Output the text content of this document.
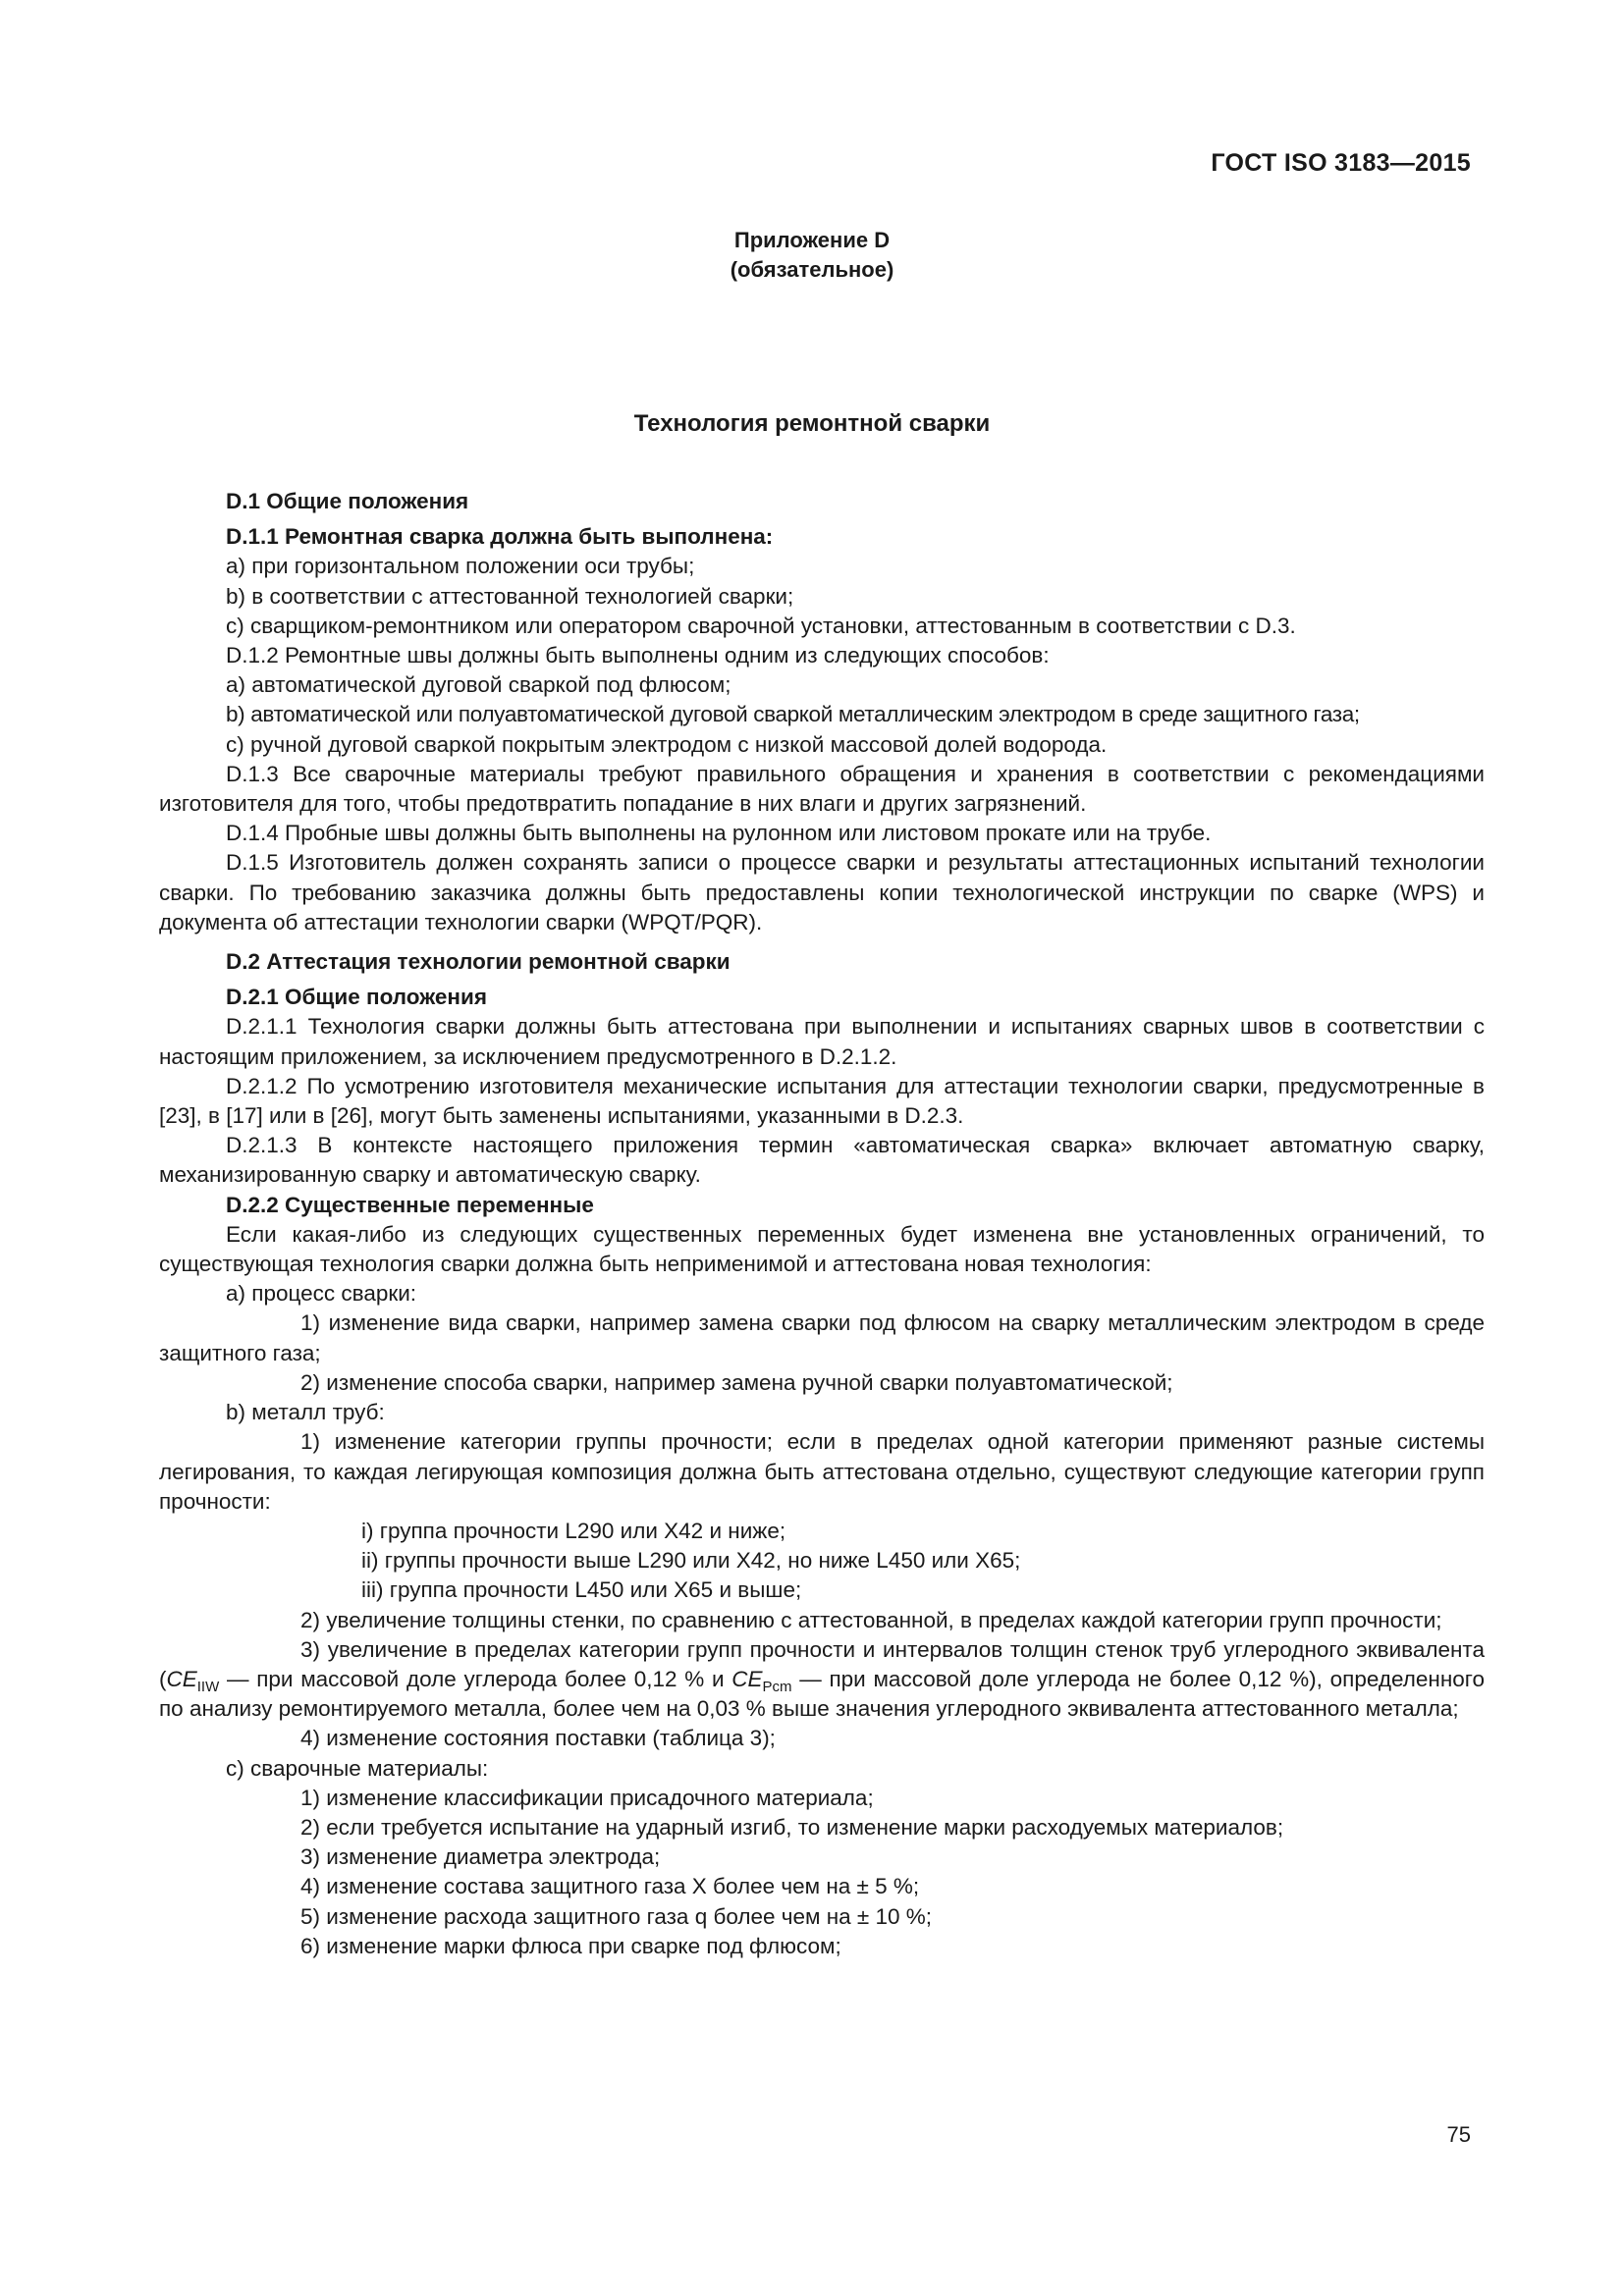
ГОСТ ISO 3183—2015
Приложение D
(обязательное)
Технология ремонтной сварки

D.1 Общие положения

D.1.1 Ремонтная сварка должна быть выполнена:

а) при горизонтальном положении оси трубы;

b) в соответствии с аттестованной технологией сварки;

с) сварщиком-ремонтником или оператором сварочной установки, аттестованным в соответствии с D.3.

D.1.2 Ремонтные швы должны быть выполнены одним из следующих способов:

а) автоматической дуговой сваркой под флюсом;

b) автоматической или полуавтоматической дуговой сваркой металлическим электродом в среде защитного газа;

с) ручной дуговой сваркой покрытым электродом с низкой массовой долей водорода.

D.1.3 Все сварочные материалы требуют правильного обращения и хранения в соответствии с рекомендациями изготовителя для того, чтобы предотвратить попадание в них влаги и других загрязнений.

D.1.4 Пробные швы должны быть выполнены на рулонном или листовом прокате или на трубе.

D.1.5 Изготовитель должен сохранять записи о процессе сварки и результаты аттестационных испытаний технологии сварки. По требованию заказчика должны быть предоставлены копии технологической инструкции по сварке (WPS) и документа об аттестации технологии сварки (WPQT/PQR).

D.2 Аттестация технологии ремонтной сварки

D.2.1 Общие положения

D.2.1.1 Технология сварки должны быть аттестована при выполнении и испытаниях сварных швов в соответствии с настоящим приложением, за исключением предусмотренного в D.2.1.2.

D.2.1.2 По усмотрению изготовителя механические испытания для аттестации технологии сварки, предусмотренные в [23], в [17] или в [26], могут быть заменены испытаниями, указанными в D.2.3.

D.2.1.3 В контексте настоящего приложения термин «автоматическая сварка» включает автоматную сварку, механизированную сварку и автоматическую сварку.

D.2.2 Существенные переменные

Если какая-либо из следующих существенных переменных будет изменена вне установленных ограничений, то существующая технология сварки должна быть неприменимой и аттестована новая технология:

а) процесс сварки:

1) изменение вида сварки, например замена сварки под флюсом на сварку металлическим электродом в среде защитного газа;

2) изменение способа сварки, например замена ручной сварки полуавтоматической;

b) металл труб:

1) изменение категории группы прочности; если в пределах одной категории применяют разные системы легирования, то каждая легирующая композиция должна быть аттестована отдельно, существуют следующие категории групп прочности:

i) группа прочности L290 или X42 и ниже;

ii) группы прочности выше L290 или X42, но ниже L450 или X65;

iii) группа прочности L450 или X65 и выше;

2) увеличение толщины стенки, по сравнению с аттестованной, в пределах каждой категории групп прочности;

3) увеличение в пределах категории групп прочности и интервалов толщин стенок труб углеродного эквивалента ($CE_{IIW}$ — при массовой доле углерода более 0,12 % и $CE_{Pcm}$ — при массовой доле углерода не более 0,12 %), определенного по анализу ремонтируемого металла, более чем на 0,03 % выше значения углеродного эквивалента аттестованного металла;

4) изменение состояния поставки (таблица 3);

с) сварочные материалы:

1) изменение классификации присадочного материала;

2) если требуется испытание на ударный изгиб, то изменение марки расходуемых материалов;

3) изменение диаметра электрода;

4) изменение состава защитного газа X более чем на ± 5 %;

5) изменение расхода защитного газа q более чем на ± 10 %;

6) изменение марки флюса при сварке под флюсом;

75
